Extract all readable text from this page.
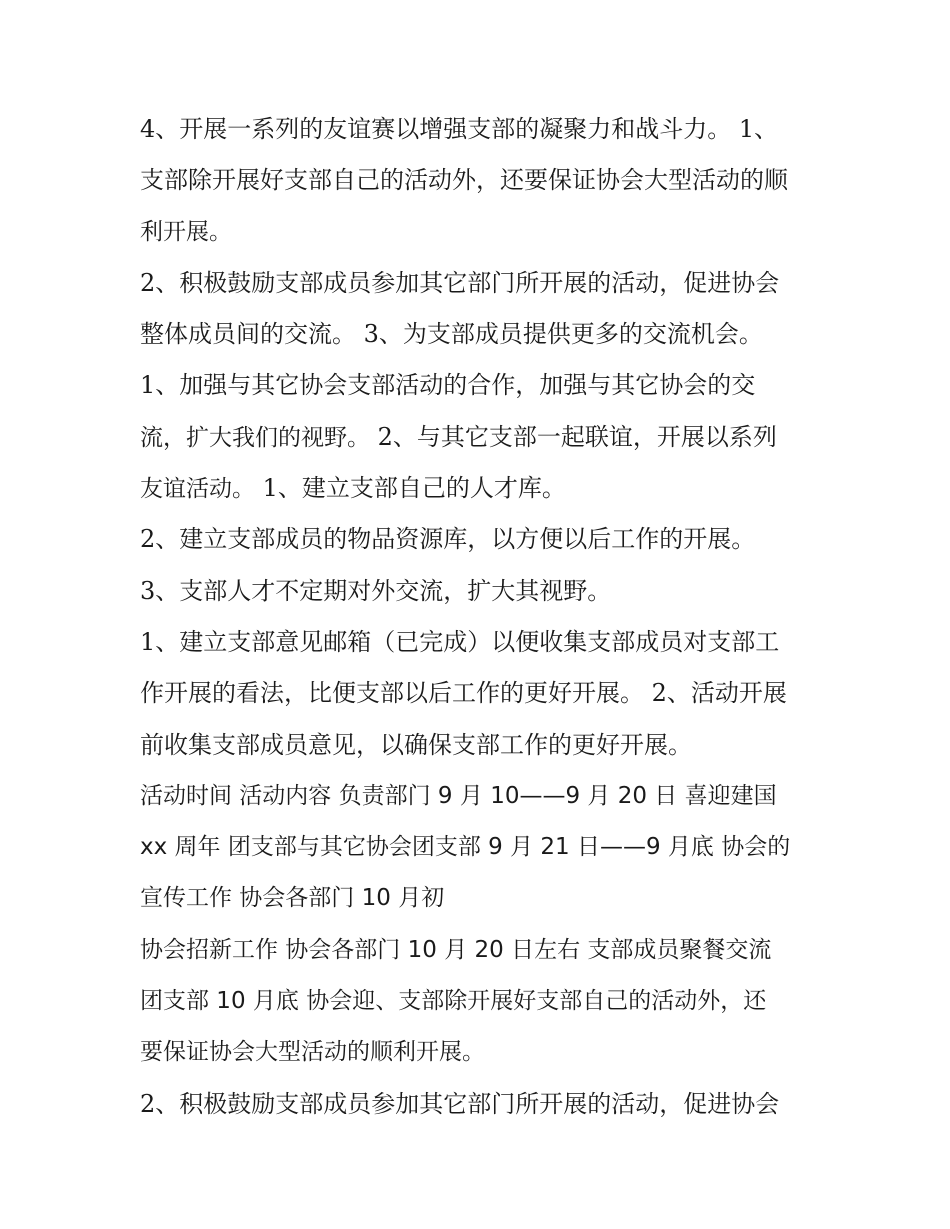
4、开展一系列的友谊赛以增强支部的凝聚力和战斗力。 1、
支部除开展好支部自己的活动外，还要保证协会大型活动的顺
利开展。
2、积极鼓励支部成员参加其它部门所开展的活动，促进协会
整体成员间的交流。 3、为支部成员提供更多的交流机会。
1、加强与其它协会支部活动的合作，加强与其它协会的交
流，扩大我们的视野。 2、与其它支部一起联谊，开展以系列
友谊活动。 1、建立支部自己的人才库。
2、建立支部成员的物品资源库，以方便以后工作的开展。
3、支部人才不定期对外交流，扩大其视野。
1、建立支部意见邮箱（已完成）以便收集支部成员对支部工
作开展的看法，比便支部以后工作的更好开展。 2、活动开展
前收集支部成员意见，以确保支部工作的更好开展。
活动时间 活动内容 负责部门 9 月 10——9 月 20 日 喜迎建国
xx 周年 团支部与其它协会团支部 9 月 21 日——9 月底 协会的
宣传工作 协会各部门 10 月初
协会招新工作 协会各部门 10 月 20 日左右 支部成员聚餐交流
团支部 10 月底 协会迎、支部除开展好支部自己的活动外，还
要保证协会大型活动的顺利开展。
2、积极鼓励支部成员参加其它部门所开展的活动，促进协会
